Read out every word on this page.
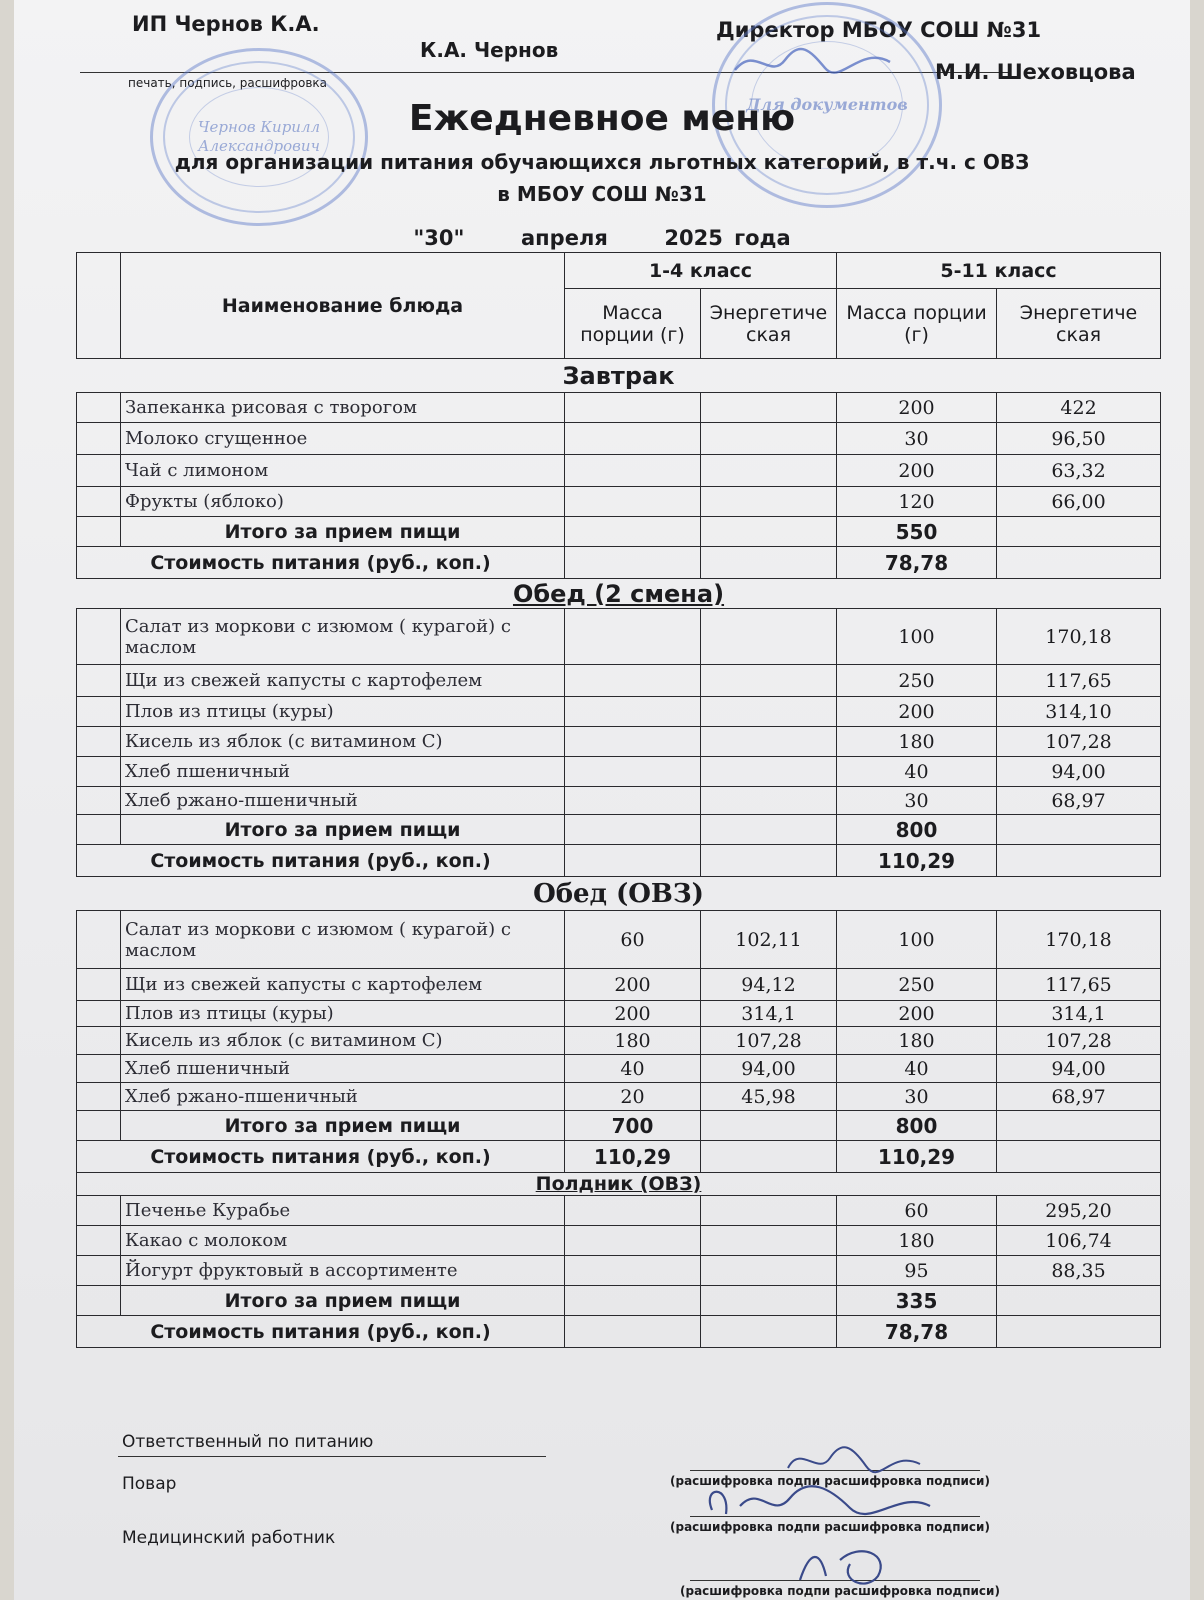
ИП Чернов К.А.
К.А. Чернов
печать, подпись, расшифровка
Директор МБОУ СОШ №31
М.И. Шеховцова
Чернов Кирилл Александрович
Для документов
Ежедневное меню
для организации питания обучающихся льготных категорий, в т.ч. с ОВЗ
в МБОУ СОШ №31
"30"	апреля	2025 года
	Наименование блюда	1-4 класс		5-11 класс	
		Масса порции (г)	Энергетиче ская	Масса порции (г)	Энергетиче ская
Завтрак					
	Запеканка рисовая с творогом			200	422
	Молоко сгущенное			30	96,50
	Чай с лимоном			200	63,32
	Фрукты (яблоко)			120	66,00
	Итого за прием пищи			550	
Стоимость питания (руб., коп.)				78,78	
Обед (2 смена)					
	Салат из моркови с изюмом ( курагой) с маслом			100	170,18
	Щи из свежей капусты с картофелем			250	117,65
	Плов из птицы (куры)			200	314,10
	Кисель из яблок (с витамином С)			180	107,28
	Хлеб пшеничный			40	94,00
	Хлеб ржано-пшеничный			30	68,97
	Итого за прием пищи			800	
Стоимость питания (руб., коп.)				110,29	
Обед (ОВЗ)					
	Салат из моркови с изюмом ( курагой) с маслом	60	102,11	100	170,18
	Щи из свежей капусты с картофелем	200	94,12	250	117,65
	Плов из птицы (куры)	200	314,1	200	314,1
	Кисель из яблок (с витамином С)	180	107,28	180	107,28
	Хлеб пшеничный	40	94,00	40	94,00
	Хлеб ржано-пшеничный	20	45,98	30	68,97
	Итого за прием пищи	700		800	
Стоимость питания (руб., коп.)		110,29		110,29	
Полдник (ОВЗ)					
	Печенье Курабье			60	295,20
	Какао с молоком			180	106,74
	Йогурт фруктовый в ассортименте			95	88,35
	Итого за прием пищи			335	
Стоимость питания (руб., коп.)				78,78	
Ответственный по питанию
Повар
Медицинский работник
(расшифровка подпи расшифровка подписи)
(расшифровка подпи расшифровка подписи)
(расшифровка подпи расшифровка подписи)
